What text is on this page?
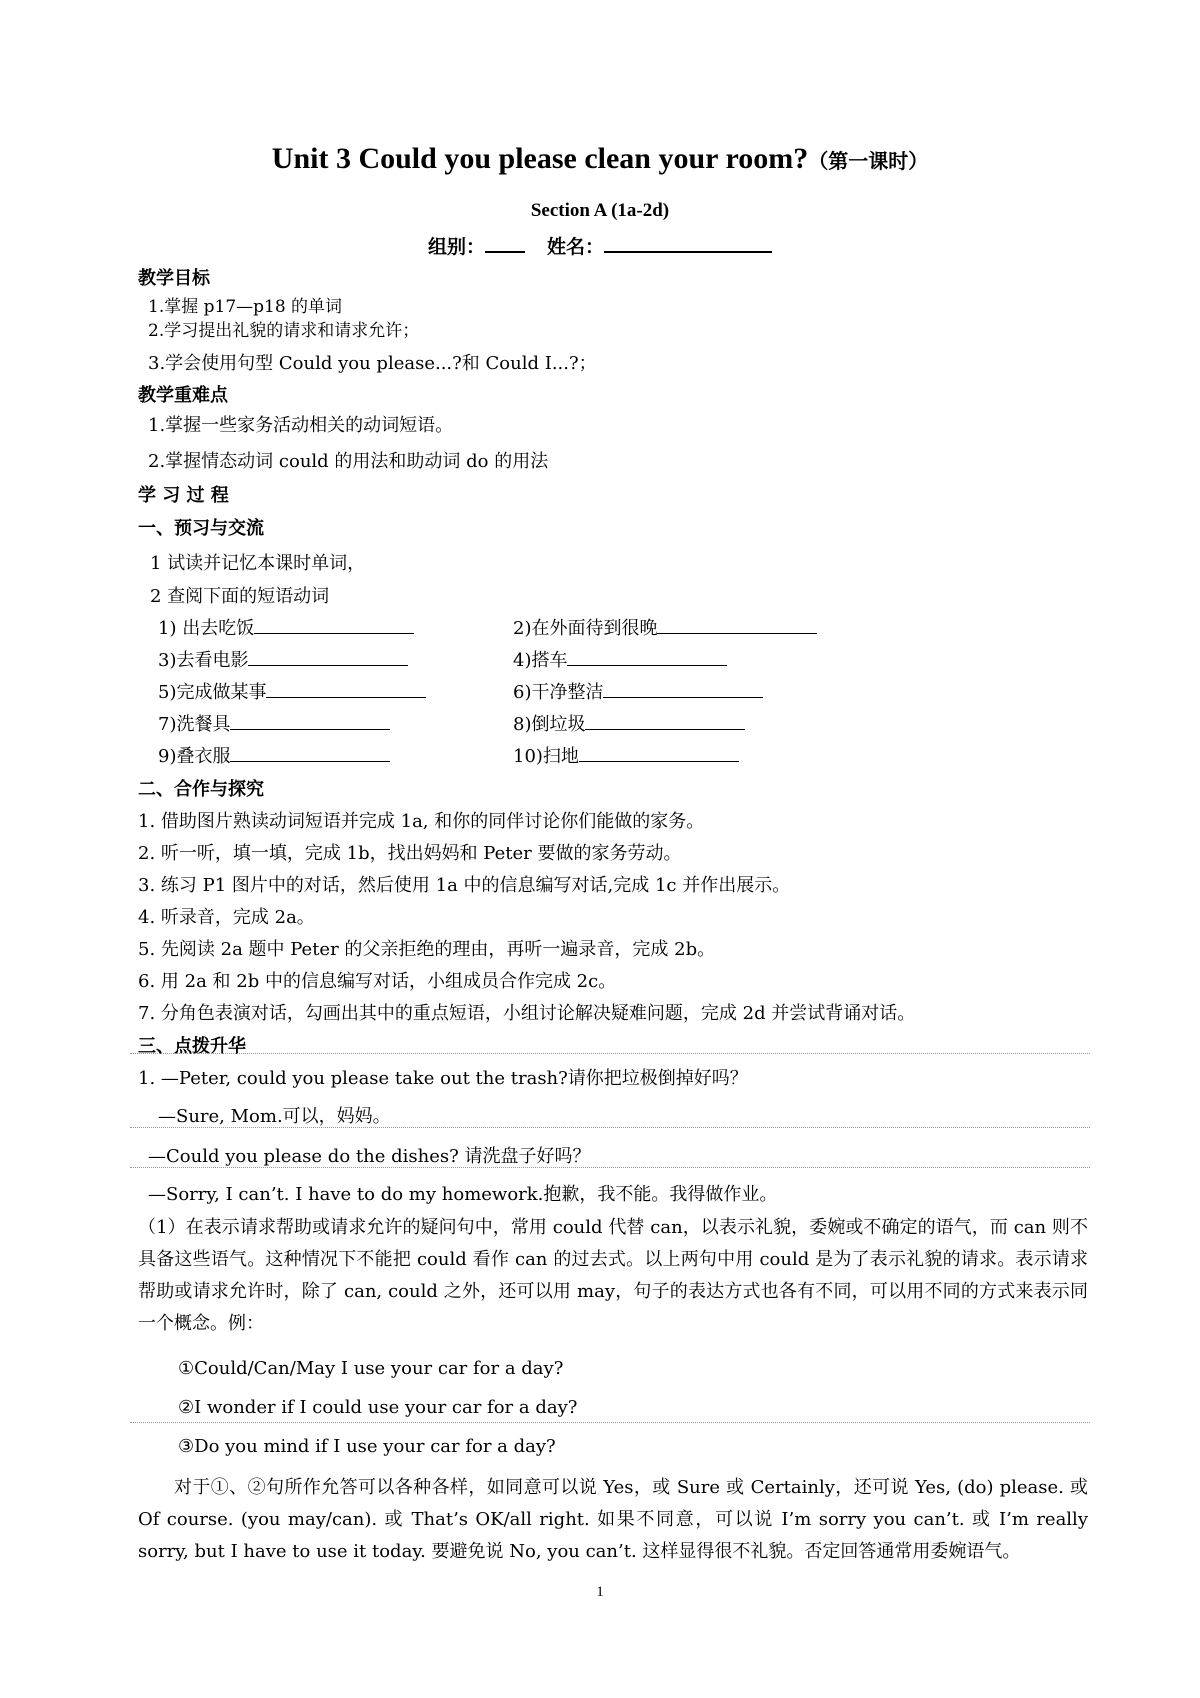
Unit 3 Could you please clean your room?（第一课时）
Section A (1a-2d)
组别：	姓名：
教学目标
1.掌握 p17—p18 的单词
2.学习提出礼貌的请求和请求允许；
3.学会使用句型 Could you please...?和 Could I...?；
教学重难点
1.掌握一些家务活动相关的动词短语。
2.掌握情态动词 could 的用法和助动词 do 的用法
学 习 过 程
一、预习与交流
1 试读并记忆本课时单词，
2 查阅下面的短语动词
1) 出去吃饭	2)在外面待到很晚
3)去看电影	4)搭车
5)完成做某事	6)干净整洁
7)洗餐具	8)倒垃圾
9)叠衣服	10)扫地
二、合作与探究
1. 借助图片熟读动词短语并完成 1a, 和你的同伴讨论你们能做的家务。
2. 听一听，填一填，完成 1b，找出妈妈和 Peter 要做的家务劳动。
3. 练习 P1 图片中的对话，然后使用 1a 中的信息编写对话,完成 1c 并作出展示。
4. 听录音，完成 2a。
5. 先阅读 2a 题中 Peter 的父亲拒绝的理由，再听一遍录音，完成 2b。
6. 用 2a 和 2b 中的信息编写对话，小组成员合作完成 2c。
7. 分角色表演对话，勾画出其中的重点短语，小组讨论解决疑难问题，完成 2d 并尝试背诵对话。
三、点拨升华
1. —Peter, could you please take out the trash?请你把垃极倒掉好吗？
—Sure, Mom.可以，妈妈。
—Could you please do the dishes? 请洗盘子好吗？
—Sorry, I can’t. I have to do my homework.抱歉，我不能。我得做作业。
（1）在表示请求帮助或请求允许的疑问句中，常用 could 代替 can，以表示礼貌，委婉或不确定的语气，而 can 则不具备这些语气。这种情况下不能把 could 看作 can 的过去式。以上两句中用 could 是为了表示礼貌的请求。表示请求帮助或请求允许时，除了 can, could 之外，还可以用 may，句子的表达方式也各有不同，可以用不同的方式来表示同一个概念。例：
①Could/Can/May I use your car for a day?
②I wonder if I could use your car for a day?
③Do you mind if I use your car for a day?
对于①、②句所作允答可以各种各样，如同意可以说 Yes，或 Sure 或 Certainly，还可说 Yes, (do) please. 或 Of course. (you may/can). 或 That’s OK/all right. 如果不同意，可以说 I’m sorry you can’t. 或 I’m really sorry, but I have to use it today. 要避免说 No, you can’t. 这样显得很不礼貌。否定回答通常用委婉语气。
1
